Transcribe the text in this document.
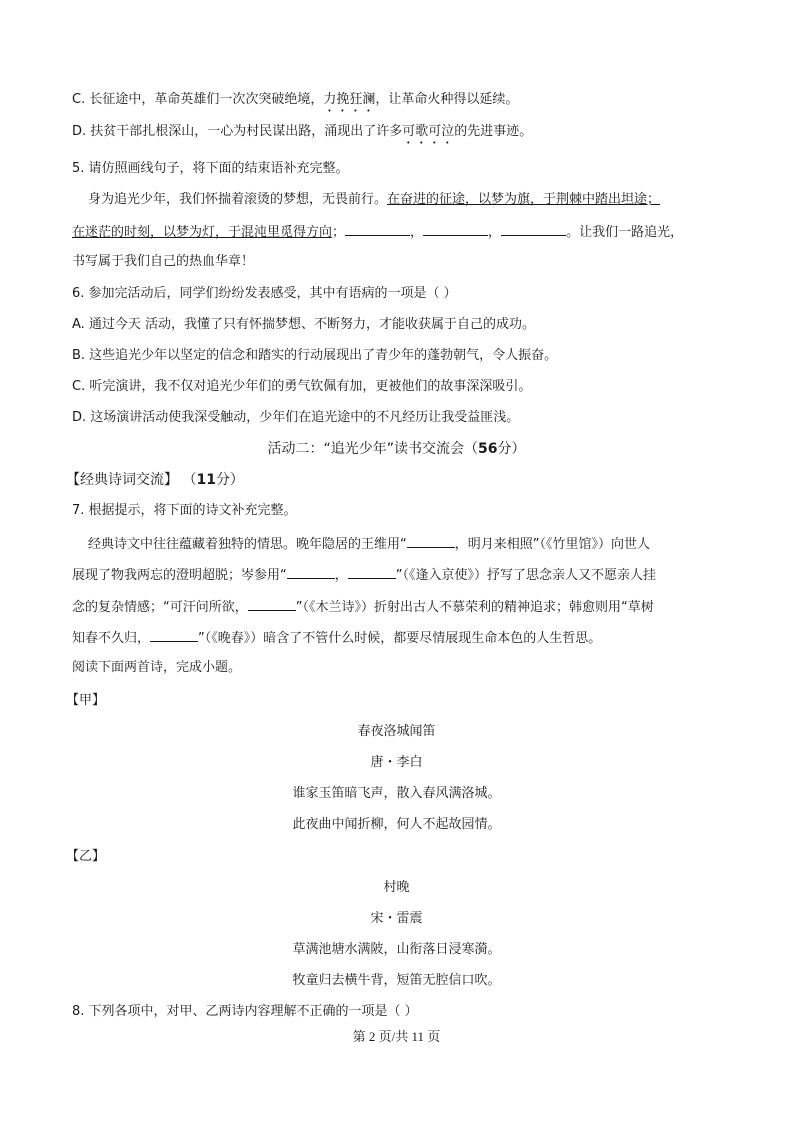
C. 长征途中，革命英雄们一次次突破绝境，力挽狂澜，让革命火种得以延续。
D. 扶贫干部扎根深山，一心为村民谋出路，涌现出了许多可歌可泣的先进事迹。
5. 请仿照画线句子，将下面的结束语补充完整。
身为追光少年，我们怀揣着滚烫的梦想，无畏前行。在奋进的征途，以梦为旗，于荆棘中踏出坦途；
在迷茫的时刻，以梦为灯，于混沌里觅得方向；	，	，	。让我们一路追光，
书写属于我们自己的热血华章！
6. 参加完活动后，同学们纷纷发表感受，其中有语病的一项是（ ）
A. 通过今天 活动，我懂了只有怀揣梦想、不断努力，才能收获属于自己的成功。
B. 这些追光少年以坚定的信念和踏实的行动展现出了青少年的蓬勃朝气，令人振奋。
C. 听完演讲，我不仅对追光少年们的勇气钦佩有加，更被他们的故事深深吸引。
D. 这场演讲活动使我深受触动，少年们在追光途中的不凡经历让我受益匪浅。
活动二：“追光少年”读书交流会（56分）
【经典诗词交流】 （11分）
7. 根据提示，将下面的诗文补充完整。
经典诗文中往往蕴藏着独特的情思。晚年隐居的王维用“	，明月来相照”（《竹里馆》）向世人
展现了物我两忘的澄明超脱；岑参用“	，	”（《逢入京使》）抒写了思念亲人又不愿亲人挂
念的复杂情感；“可汗问所欲，	”（《木兰诗》）折射出古人不慕荣利的精神追求；韩愈则用“草树
知春不久归，	”（《晚春》）暗含了不管什么时候，都要尽情展现生命本色的人生哲思。
阅读下面两首诗，完成小题。
【甲】
春夜洛城闻笛
唐・李白
谁家玉笛暗飞声，散入春风满洛城。
此夜曲中闻折柳，何人不起故园情。
【乙】
村晚
宋・雷震
草满池塘水满陂，山衔落日浸寒漪。
牧童归去横牛背，短笛无腔信口吹。
8. 下列各项中，对甲、乙两诗内容理解不正确的一项是（ ）
第 2 页/共 11 页
